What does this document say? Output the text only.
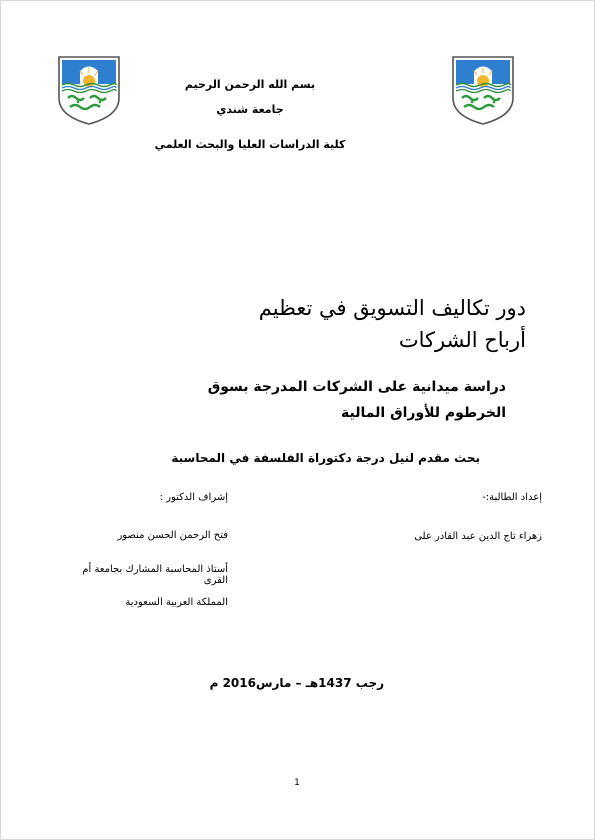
بسم الله الرحمن الرحيم
جامعة شندي
كلية الدراسات العليا والبحث العلمي
دور تكاليف التسويق في تعظيم أرباح الشركات
دراسة ميدانية على الشركات المدرجة بسوق الخرطوم للأوراق المالية
بحث مقدم لنيل درجة دكتوراة الفلسفة في المحاسبة
إعداد الطالبة:-
زهراء تاج الدين عبد القادر على
إشراف الدكتور :
فتح الرحمن الحسن منصور
أستاذ المحاسبة المشارك بجامعة أم القرى
المملكة العربية السعودية
رجب 1437هـ – مارس2016 م
1
